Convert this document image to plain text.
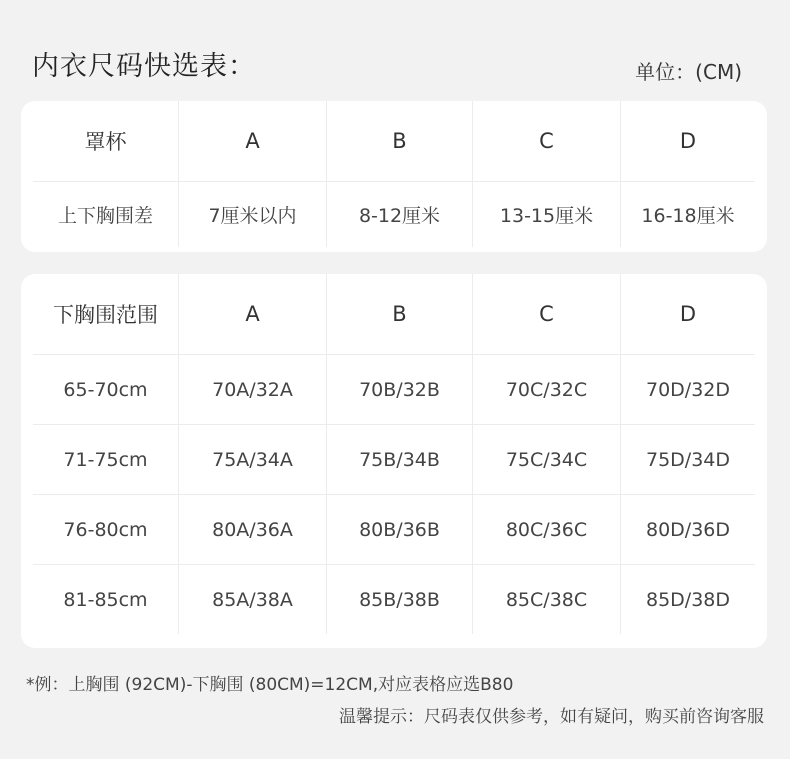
内衣尺码快选表：	单位：(CM)
罩杯	A	B	C	D
上下胸围差	7厘米以内	8-12厘米	13-15厘米	16-18厘米
下胸围范围	A	B	C	D
65-70cm	70A/32A	70B/32B	70C/32C	70D/32D
71-75cm	75A/34A	75B/34B	75C/34C	75D/34D
76-80cm	80A/36A	80B/36B	80C/36C	80D/36D
81-85cm	85A/38A	85B/38B	85C/38C	85D/38D
*例：上胸围 (92CM)-下胸围 (80CM)=12CM,对应表格应选B80
温馨提示：尺码表仅供参考，如有疑问，购买前咨询客服
